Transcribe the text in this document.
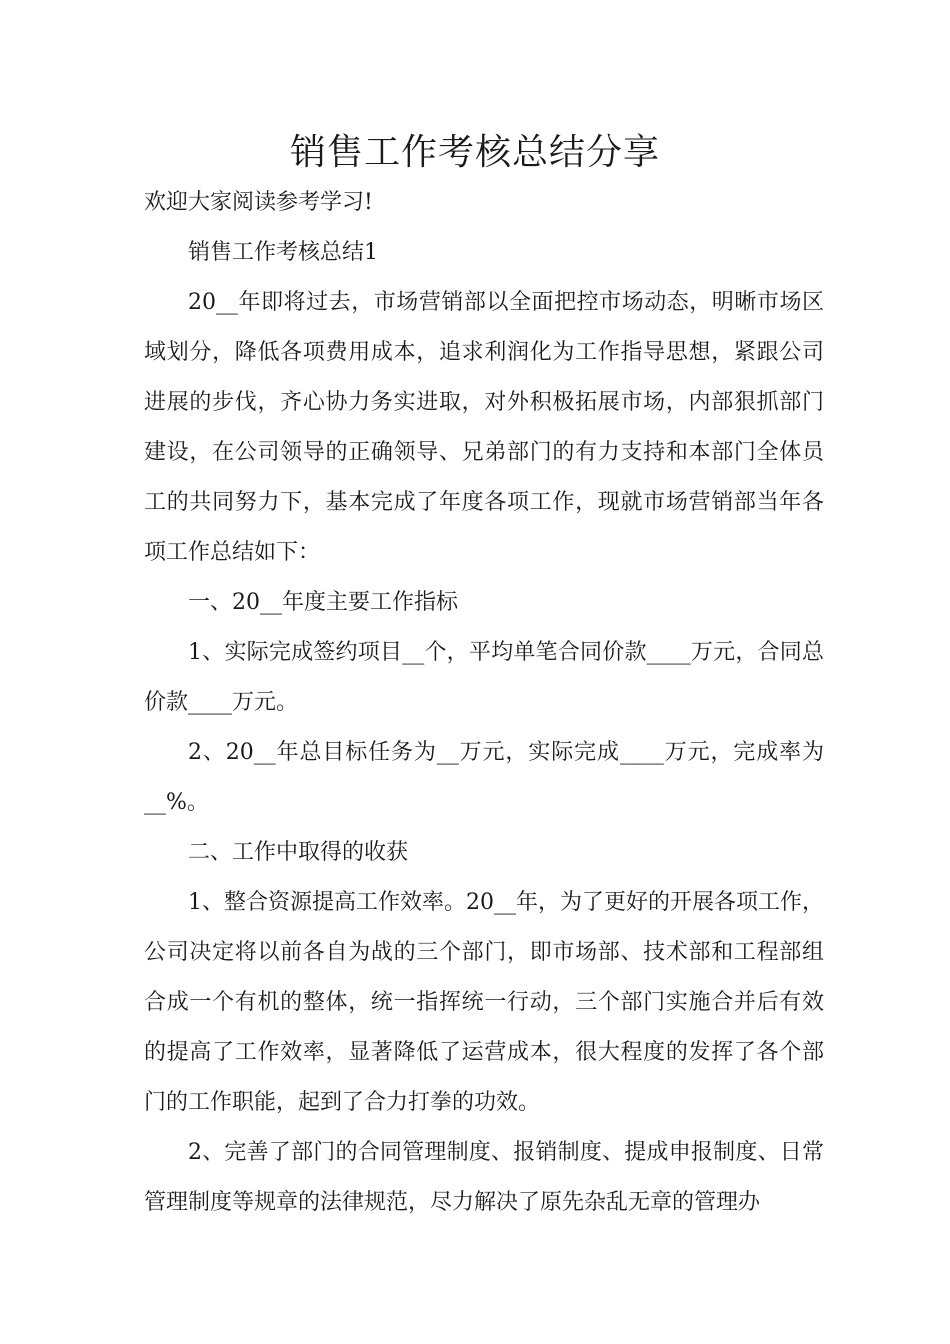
销售工作考核总结分享

欢迎大家阅读参考学习!

销售工作考核总结1

20__年即将过去，市场营销部以全面把控市场动态，明晰市场区域划分，降低各项费用成本，追求利润化为工作指导思想，紧跟公司进展的步伐，齐心协力务实进取，对外积极拓展市场，内部狠抓部门建设，在公司领导的正确领导、兄弟部门的有力支持和本部门全体员工的共同努力下，基本完成了年度各项工作，现就市场营销部当年各项工作总结如下：

一、20__年度主要工作指标

1、实际完成签约项目__个，平均单笔合同价款____万元，合同总价款____万元。

2、20__年总目标任务为__万元，实际完成____万元，完成率为__%。

二、工作中取得的收获

1、整合资源提高工作效率。20__年，为了更好的开展各项工作，公司决定将以前各自为战的三个部门，即市场部、技术部和工程部组合成一个有机的整体，统一指挥统一行动，三个部门实施合并后有效的提高了工作效率，显著降低了运营成本，很大程度的发挥了各个部门的工作职能，起到了合力打拳的功效。

2、完善了部门的合同管理制度、报销制度、提成申报制度、日常管理制度等规章的法律规范，尽力解决了原先杂乱无章的管理办
